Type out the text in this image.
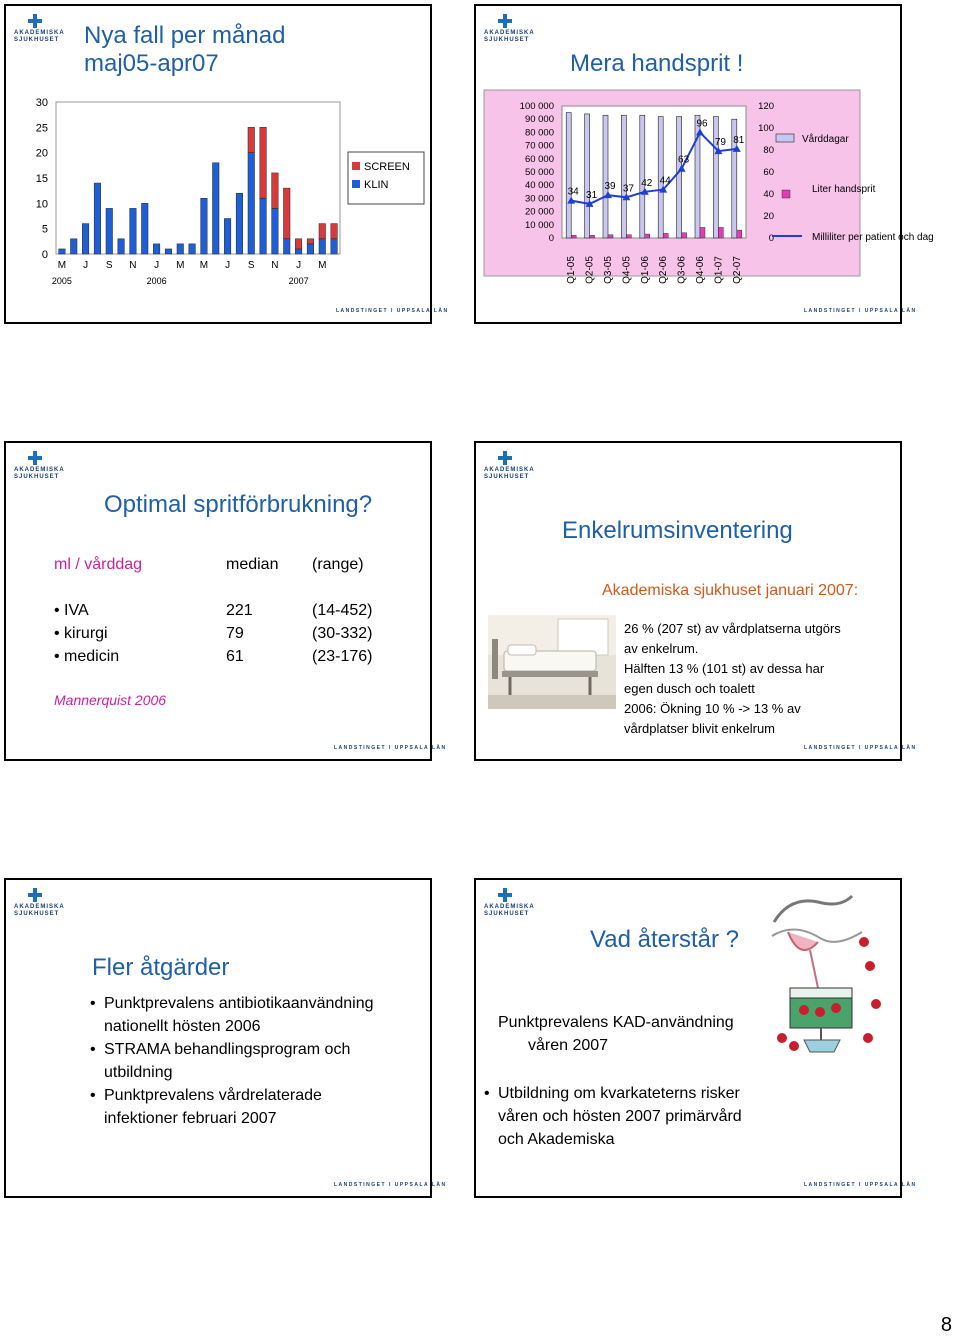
AKADEMISKA
SJUKHUSET	Nya fall per månad
maj05-apr07
0
5
10
15
20
25
30
M J S N J M M J S N J M
2005	2006	2007
SCREEN
KLIN
LANDSTINGET I UPPSALA LÄN
AKADEMISKA
SJUKHUSET
Mera handsprit !
0
10 000
20 000
30 000
40 000
50 000
60 000
70 000
80 000
90 000
100 000
0
20
40
60
80
100
120
Q1-05 Q2-05 Q3-05 Q4-05 Q1-06 Q2-06 Q3-06 Q4-06 Q1-07 Q2-07
34 31
39 37 42 44
63
96
79 81	Vårddagar
Liter handsprit
Milliliter per patient och dag
LANDSTINGET I UPPSALA LÄN
AKADEMISKA
SJUKHUSET
Optimal spritförbrukning?
ml / vårddag	median (range)
• IVA	221	(14-452)
• kirurgi	79	(30-332)
• medicin	61	(23-176)
Mannerquist 2006
LANDSTINGET I UPPSALA LÄN
AKADEMISKA
SJUKHUSET
Enkelrumsinventering
Akademiska sjukhuset januari 2007:
26 % (207 st) av vårdplatserna utgörs
av enkelrum.
Hälften 13 % (101 st) av dessa har
egen dusch och toalett
2006: Ökning 10 % -> 13 % av
vårdplatser blivit enkelrum
LANDSTINGET I UPPSALA LÄN
AKADEMISKA
SJUKHUSET
Fler åtgärder
• Punktprevalens antibiotikaanvändning
nationellt hösten 2006
• STRAMA behandlingsprogram och
utbildning
• Punktprevalens vårdrelaterade
infektioner februari 2007
LANDSTINGET I UPPSALA LÄN
AKADEMISKA
SJUKHUSET
Vad återstår ?
Punktprevalens KAD-användning
våren 2007
• Utbildning om kvarkateterns risker
våren och hösten 2007 primärvård
och Akademiska
LANDSTINGET I UPPSALA LÄN
8
